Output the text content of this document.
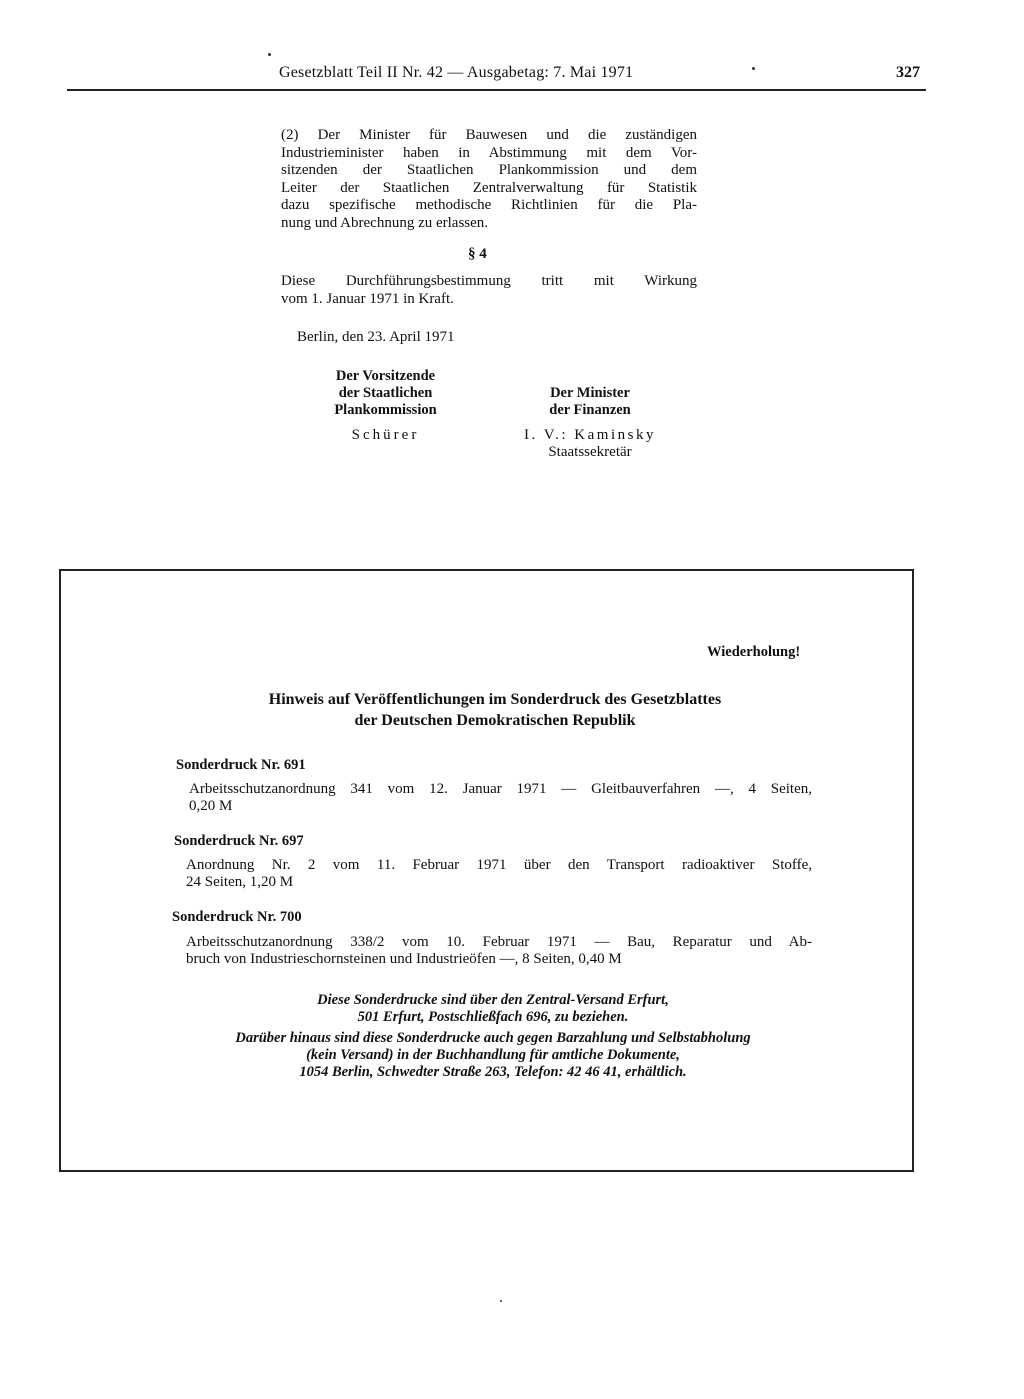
Gesetzblatt Teil II Nr. 42 — Ausgabetag: 7. Mai 1971	327
(2) Der Minister für Bauwesen und die zuständigen
Industrieminister haben in Abstimmung mit dem Vor-
sitzenden der Staatlichen Plankommission und dem
Leiter der Staatlichen Zentralverwaltung für Statistik
dazu spezifische methodische Richtlinien für die Pla-
nung und Abrechnung zu erlassen.
§ 4
Diese Durchführungsbestimmung tritt mit Wirkung
vom 1. Januar 1971 in Kraft.
Berlin, den 23. April 1971
Der Vorsitzende
der Staatlichen
Plankommission
Schürer
Der Minister
der Finanzen
I. V.: Kaminsky
Staatssekretär
Wiederholung!
Hinweis auf Veröffentlichungen im Sonderdruck des Gesetzblattes
der Deutschen Demokratischen Republik
Sonderdruck Nr. 691
Arbeitsschutzanordnung 341 vom 12. Januar 1971 — Gleitbauverfahren —, 4 Seiten,
0,20 M
Sonderdruck Nr. 697
Anordnung Nr. 2 vom 11. Februar 1971 über den Transport radioaktiver Stoffe,
24 Seiten, 1,20 M
Sonderdruck Nr. 700
Arbeitsschutzanordnung 338/2 vom 10. Februar 1971 — Bau, Reparatur und Ab-
bruch von Industrieschornsteinen und Industrieöfen —, 8 Seiten, 0,40 M
Diese Sonderdrucke sind über den Zentral-Versand Erfurt,
501 Erfurt, Postschließfach 696, zu beziehen.
Darüber hinaus sind diese Sonderdrucke auch gegen Barzahlung und Selbstabholung
(kein Versand) in der Buchhandlung für amtliche Dokumente,
1054 Berlin, Schwedter Straße 263, Telefon: 42 46 41, erhältlich.
